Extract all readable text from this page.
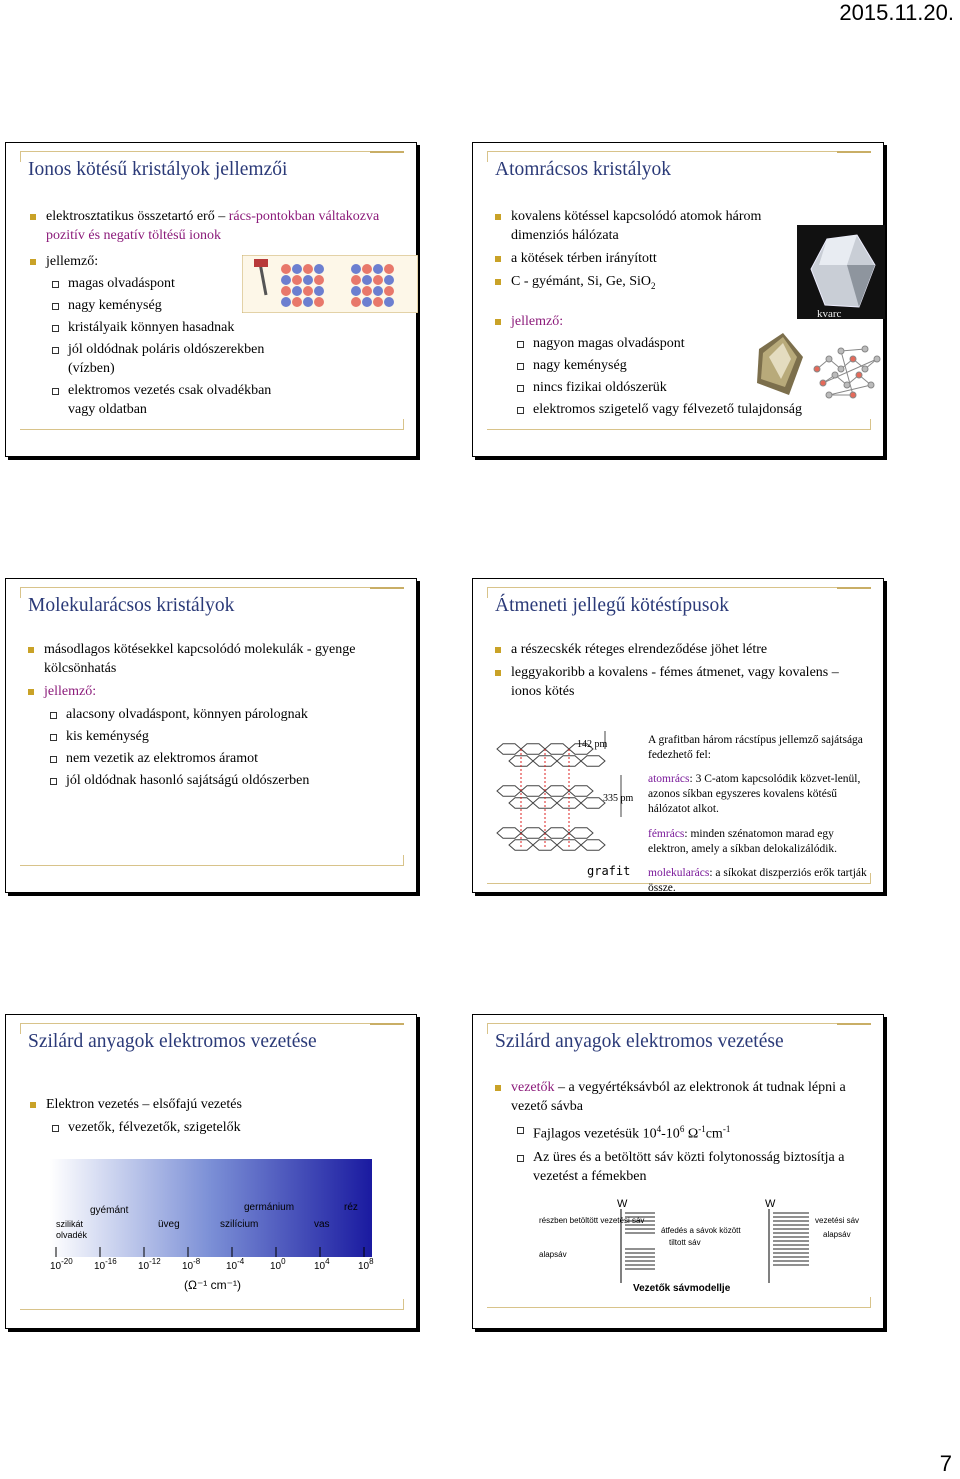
2015.11.20.
Ionos kötésű kristályok jellemzői
elektrosztatikus összetartó erő – rács-pontokban váltakozva pozitív és negatív töltésű ionok
jellemző:
magas olvadáspont
nagy keménység
kristályaik könnyen hasadnak
jól oldódnak poláris oldószerekben (vízben)
elektromos vezetés csak olvadékban vagy oldatban
Atomrácsos kristályok
kovalens kötéssel kapcsolódó atomok három dimenziós hálózata
a kötések térben irányított
C - gyémánt, Si, Ge, SiO$_2$
jellemző:
nagyon magas olvadáspont
nagy keménység
nincs fizikai oldószerük
elektromos szigetelő vagy félvezető tulajdonság
kvarc
Molekularácsos kristályok
másodlagos kötésekkel kapcsolódó molekulák - gyenge kölcsönhatás
jellemző:
alacsony olvadáspont, könnyen párolognak
kis keménység
nem vezetik az elektromos áramot
jól oldódnak hasonló sajátságú oldószerben
Átmeneti jellegű kötéstípusok
a részecskék réteges elrendeződése jöhet létre
leggyakoribb a kovalens - fémes átmenet, vagy kovalens – ionos kötés
grafit
142 pm
335 pm
A grafitban három rácstípus jellemző sajátsága fedezhető fel:
atomrács: 3 C-atom kapcsolódik közvet-lenül, azonos síkban egyszeres kovalens kötésű hálózatot alkot.
fémrács: minden szénatomon marad egy elektron, amely a síkban delokalizálódik.
molekularács: a síkokat diszperziós erők tartják össze.
Szilárd anyagok elektromos vezetése
Elektron vezetés – elsőfajú vezetés
vezetők, félvezetők, szigetelők
gyémánt	germánium	réz
üveg	szilícium	vas
szilikát olvadék
$10^{-20}$ $10^{-16}$ $10^{-12}$ $10^{-8}$	$10^{-4}$	$10^0$	$10^4$	$10^8$
(Ω⁻¹ cm⁻¹)
Szilárd anyagok elektromos vezetése
vezetők – a vegyértéksávból az elektronok át tudnak lépni a vezető sávba
Fajlagos vezetésük $10^4-10^6$ $\Omega^{-1}cm^{-1}$
Az üres és a betöltött sáv közti folytonosság biztosítja a vezetést a fémekben
W	W
részben betöltött vezetési sáv
alapsáv
átfedés a sávok között
tiltott sáv
vezetési sáv
alapsáv
Vezetők sávmodellje
7
